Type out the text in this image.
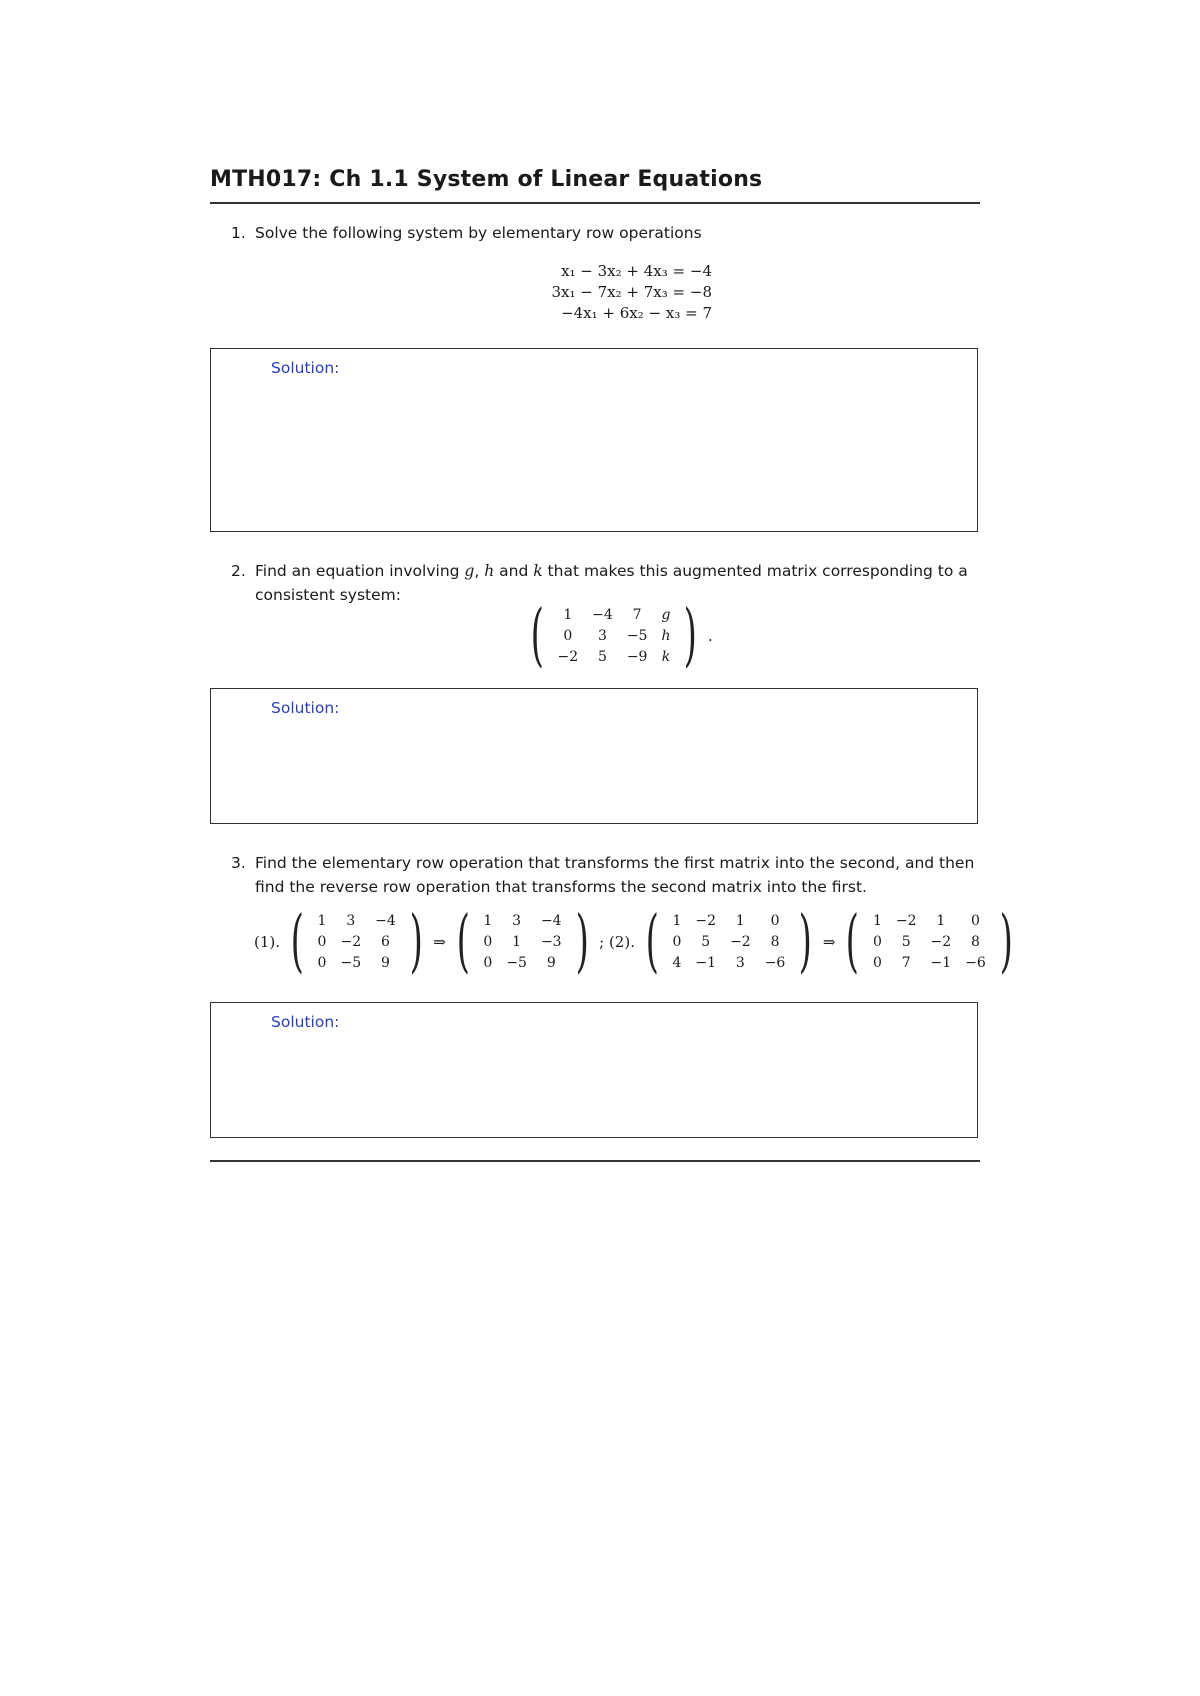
MTH017: Ch 1.1 System of Linear Equations
1. Solve the following system by elementary row operations
x₁ − 3x₂ + 4x₃ = −4
3x₁ − 7x₂ + 7x₃ = −8
−4x₁ + 6x₂ − x₃ = 7
Solution:
2. Find an equation involving g, h and k that makes this augmented matrix corresponding to a
consistent system:
( 1	−4	7	g
0	3	−5	h
−2	5	−9	k ) .
Solution:
3. Find the elementary row operation that transforms the first matrix into the second, and then
find the reverse row operation that transforms the second matrix into the first.
(1). ( 1	3	−4
0	−2	6
0	−5	9 ) ⇒ ( 1	3	−4
0	1	−3
0	−5	9 ) ; (2). ( 1	−2	1	0
0	5	−2	8
4	−1	3	−6 ) ⇒ ( 1	−2	1	0
0	5	−2	8
0	7	−1	−6 )
Solution:
